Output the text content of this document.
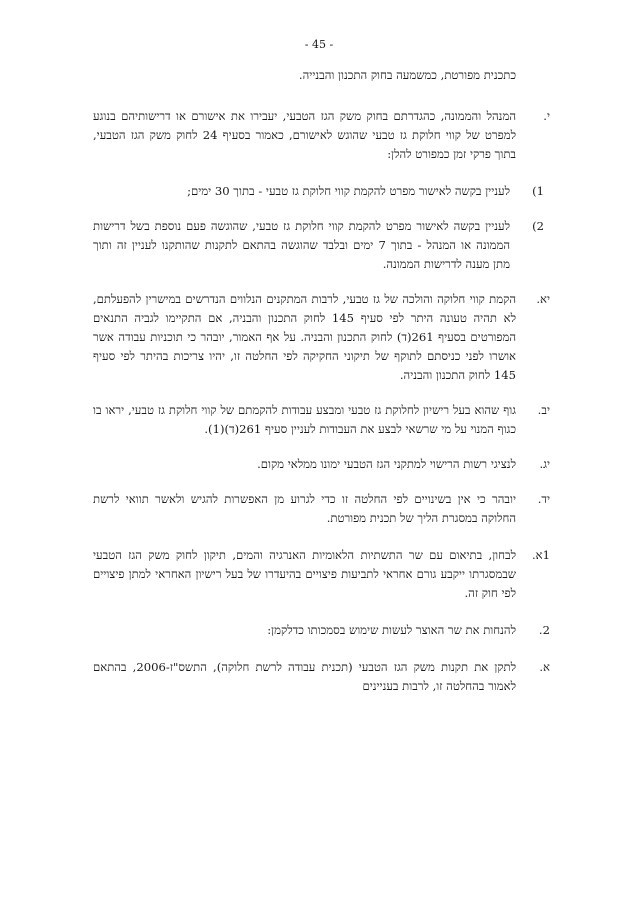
- 45 -
כתכנית מפורטת, כמשמעה בחוק התכנון והבנייה.
י.
המנהל והממונה, כהגדרתם בחוק משק הגז הטבעי, יעבירו את אישורם או דרישותיהם בנוגע למפרט של קווי חלוקת גז טבעי שהוגש לאישורם, כאמור בסעיף 24 לחוק משק הגז הטבעי, בתוך פרקי זמן כמפורט להלן:
1)
לעניין בקשה לאישור מפרט להקמת קווי חלוקת גז טבעי - בתוך 30 ימים;
2)
לעניין בקשה לאישור מפרט להקמת קווי חלוקת גז טבעי, שהוגשה פעם נוספת בשל דרישות הממונה או המנהל - בתוך 7 ימים ובלבד שהוגשה בהתאם לתקנות שהותקנו לעניין זה ותוך מתן מענה לדרישות הממונה.
יא.
הקמת קווי חלוקה והולכה של גז טבעי, לרבות המתקנים הנלווים הנדרשים במישרין להפעלתם, לא תהיה טעונה היתר לפי סעיף 145 לחוק התכנון והבניה, אם התקיימו לגביה התנאים המפורטים בסעיף 261(ד) לחוק התכנון והבניה. על אף האמור, יובהר כי תוכניות עבודה אשר אושרו לפני כניסתם לתוקף של תיקוני החקיקה לפי החלטה זו, יהיו צריכות בהיתר לפי סעיף 145 לחוק התכנון והבניה.
יב.
גוף שהוא בעל רישיון לחלוקת גז טבעי ומבצע עבודות להקמתם של קווי חלוקת גז טבעי, יראו בו כגוף המנוי על מי שרשאי לבצע את העבודות לעניין סעיף 261(ד)(1).
יג.
לנציגי רשות הרישוי למתקני הגז הטבעי ימונו ממלאי מקום.
יד.
יובהר כי אין בשינויים לפי החלטה זו כדי לגרוע מן האפשרות להגיש ולאשר תוואי לרשת החלוקה במסגרת הליך של תכנית מפורטת.
1א.
לבחון, בתיאום עם שר התשתיות הלאומיות האנרגיה והמים, תיקון לחוק משק הגז הטבעי שבמסגרתו ייקבע גורם אחראי לתביעות פיצויים בהיעדרו של בעל רישיון האחראי למתן פיצויים לפי חוק זה.
2.
להנחות את שר האוצר לעשות שימוש בסמכותו כדלקמן:
א.
לתקן את תקנות משק הגז הטבעי (תכנית עבודה לרשת חלוקה), התשס"ז-2006, בהתאם לאמור בהחלטה זו, לרבות בעניינים
